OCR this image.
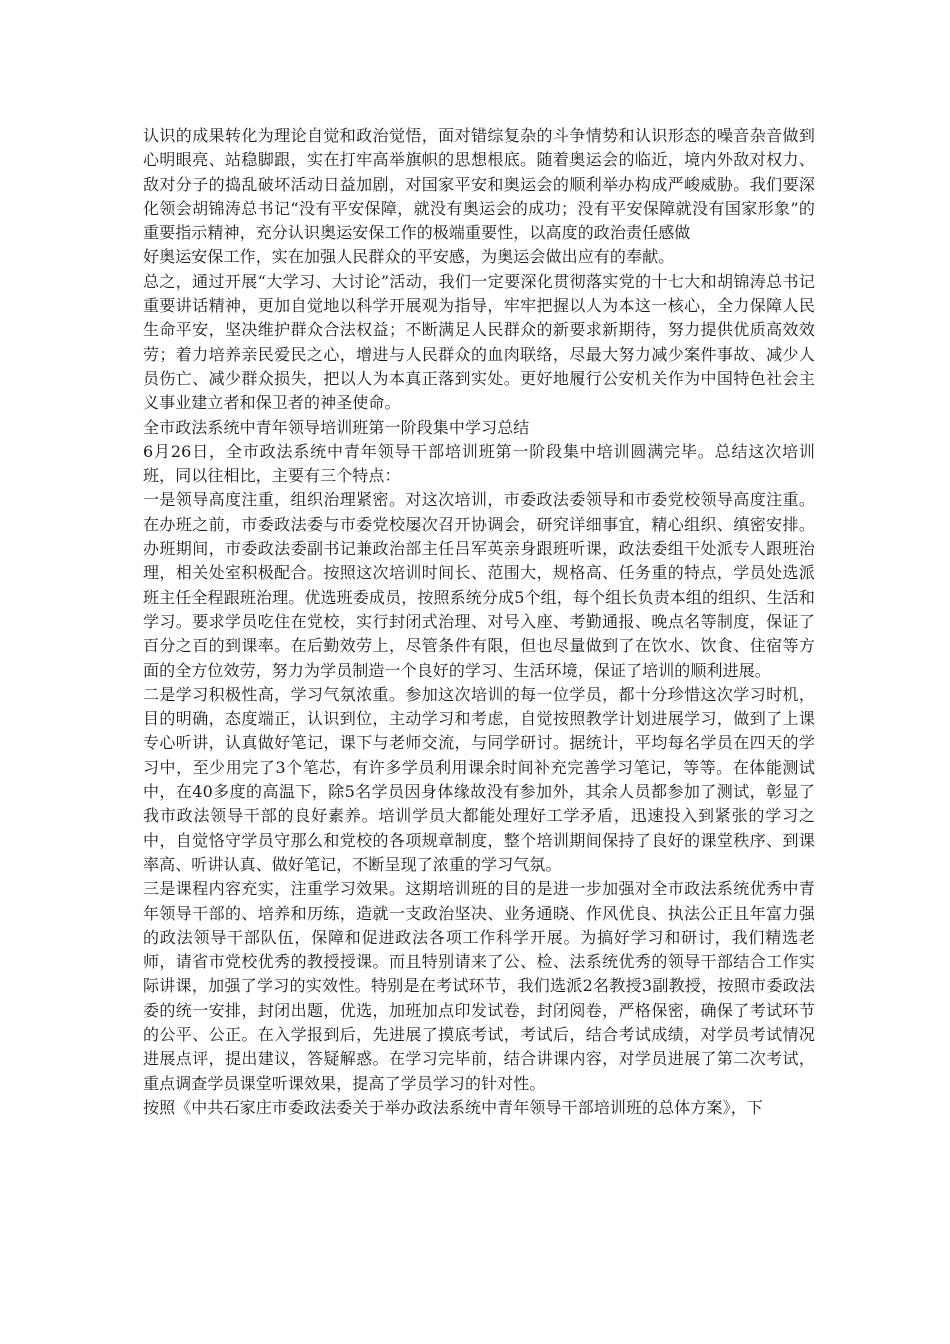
认识的成果转化为理论自觉和政治觉悟，面对错综复杂的斗争情势和认识形态的噪音杂音做到心明眼亮、站稳脚跟，实在打牢高举旗帜的思想根底。随着奥运会的临近，境内外敌对权力、敌对分子的捣乱破坏活动日益加剧，对国家平安和奥运会的顺利举办构成严峻威胁。我们要深化领会胡锦涛总书记“没有平安保障，就没有奥运会的成功；没有平安保障就没有国家形象”的重要指示精神，充分认识奥运安保工作的极端重要性，以高度的政治责任感做

好奥运安保工作，实在加强人民群众的平安感，为奥运会做出应有的奉献。

总之，通过开展“大学习、大讨论”活动，我们一定要深化贯彻落实党的十七大和胡锦涛总书记重要讲话精神，更加自觉地以科学开展观为指导，牢牢把握以人为本这一核心，全力保障人民生命平安，坚决维护群众合法权益；不断满足人民群众的新要求新期待，努力提供优质高效效劳；着力培养亲民爱民之心，增进与人民群众的血肉联络，尽最大努力减少案件事故、减少人员伤亡、减少群众损失，把以人为本真正落到实处。更好地履行公安机关作为中国特色社会主义事业建立者和保卫者的神圣使命。

全市政法系统中青年领导培训班第一阶段集中学习总结

6月26日，全市政法系统中青年领导干部培训班第一阶段集中培训圆满完毕。总结这次培训班，同以往相比，主要有三个特点：

一是领导高度注重，组织治理紧密。对这次培训，市委政法委领导和市委党校领导高度注重。在办班之前，市委政法委与市委党校屡次召开协调会，研究详细事宜，精心组织、缜密安排。办班期间，市委政法委副书记兼政治部主任吕军英亲身跟班听课，政法委组干处派专人跟班治理，相关处室积极配合。按照这次培训时间长、范围大，规格高、任务重的特点，学员处选派班主任全程跟班治理。优选班委成员，按照系统分成5个组，每个组长负责本组的组织、生活和学习。要求学员吃住在党校，实行封闭式治理、对号入座、考勤通报、晚点名等制度，保证了百分之百的到课率。在后勤效劳上，尽管条件有限，但也尽量做到了在饮水、饮食、住宿等方面的全方位效劳，努力为学员制造一个良好的学习、生活环境，保证了培训的顺利进展。

二是学习积极性高，学习气氛浓重。参加这次培训的每一位学员，都十分珍惜这次学习时机，目的明确，态度端正，认识到位，主动学习和考虑，自觉按照教学计划进展学习，做到了上课专心听讲，认真做好笔记，课下与老师交流，与同学研讨。据统计，平均每名学员在四天的学习中，至少用完了3个笔芯，有许多学员利用课余时间补充完善学习笔记，等等。在体能测试中，在40多度的高温下，除5名学员因身体缘故没有参加外，其余人员都参加了测试，彰显了我市政法领导干部的良好素养。培训学员大都能处理好工学矛盾，迅速投入到紧张的学习之中，自觉恪守学员守那么和党校的各项规章制度，整个培训期间保持了良好的课堂秩序、到课率高、听讲认真、做好笔记，不断呈现了浓重的学习气氛。

三是课程内容充实，注重学习效果。这期培训班的目的是进一步加强对全市政法系统优秀中青年领导干部的、培养和历练，造就一支政治坚决、业务通晓、作风优良、执法公正且年富力强的政法领导干部队伍，保障和促进政法各项工作科学开展。为搞好学习和研讨，我们精选老师，请省市党校优秀的教授授课。而且特别请来了公、检、法系统优秀的领导干部结合工作实际讲课，加强了学习的实效性。特别是在考试环节，我们选派2名教授3副教授，按照市委政法委的统一安排，封闭出题，优选，加班加点印发试卷，封闭阅卷，严格保密，确保了考试环节的公平、公正。在入学报到后，先进展了摸底考试，考试后，结合考试成绩，对学员考试情况进展点评，提出建议，答疑解惑。在学习完毕前，结合讲课内容，对学员进展了第二次考试，重点调查学员课堂听课效果，提高了学员学习的针对性。

按照《中共石家庄市委政法委关于举办政法系统中青年领导干部培训班的总体方案》，下
